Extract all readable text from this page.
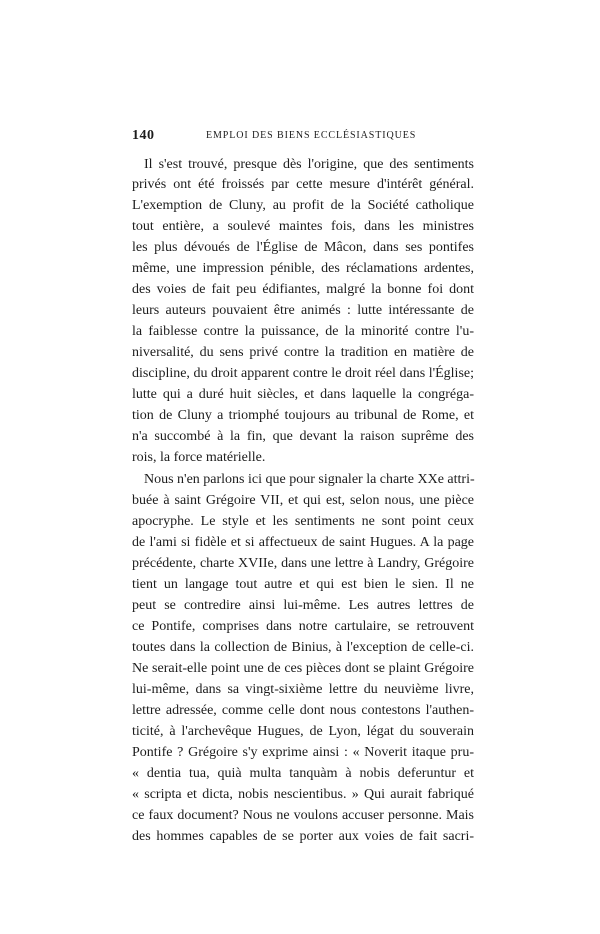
140	EMPLOI DES BIENS ECCLÉSIASTIQUES
Il s'est trouvé, presque dès l'origine, que des sentiments
privés ont été froissés par cette mesure d'intérêt général.
L'exemption de Cluny, au profit de la Société catholique
tout entière, a soulevé maintes fois, dans les ministres
les plus dévoués de l'Église de Mâcon, dans ses pontifes
même, une impression pénible, des réclamations ardentes,
des voies de fait peu édifiantes, malgré la bonne foi dont
leurs auteurs pouvaient être animés : lutte intéressante de
la faiblesse contre la puissance, de la minorité contre l'u-
niversalité, du sens privé contre la tradition en matière de
discipline, du droit apparent contre le droit réel dans l'Église;
lutte qui a duré huit siècles, et dans laquelle la congréga-
tion de Cluny a triomphé toujours au tribunal de Rome, et
n'a succombé à la fin, que devant la raison suprême des
rois, la force matérielle.
Nous n'en parlons ici que pour signaler la charte XXe attri-
buée à saint Grégoire VII, et qui est, selon nous, une pièce
apocryphe. Le style et les sentiments ne sont point ceux
de l'ami si fidèle et si affectueux de saint Hugues. A la page
précédente, charte XVIIe, dans une lettre à Landry, Grégoire
tient un langage tout autre et qui est bien le sien. Il ne
peut se contredire ainsi lui-même. Les autres lettres de
ce Pontife, comprises dans notre cartulaire, se retrouvent
toutes dans la collection de Binius, à l'exception de celle-ci.
Ne serait-elle point une de ces pièces dont se plaint Grégoire
lui-même, dans sa vingt-sixième lettre du neuvième livre,
lettre adressée, comme celle dont nous contestons l'authen-
ticité, à l'archevêque Hugues, de Lyon, légat du souverain
Pontife ? Grégoire s'y exprime ainsi : « Noverit itaque pru-
« dentia tua, quià multa tanquàm à nobis deferuntur et
« scripta et dicta, nobis nescientibus. » Qui aurait fabriqué
ce faux document? Nous ne voulons accuser personne. Mais
des hommes capables de se porter aux voies de fait sacri-
